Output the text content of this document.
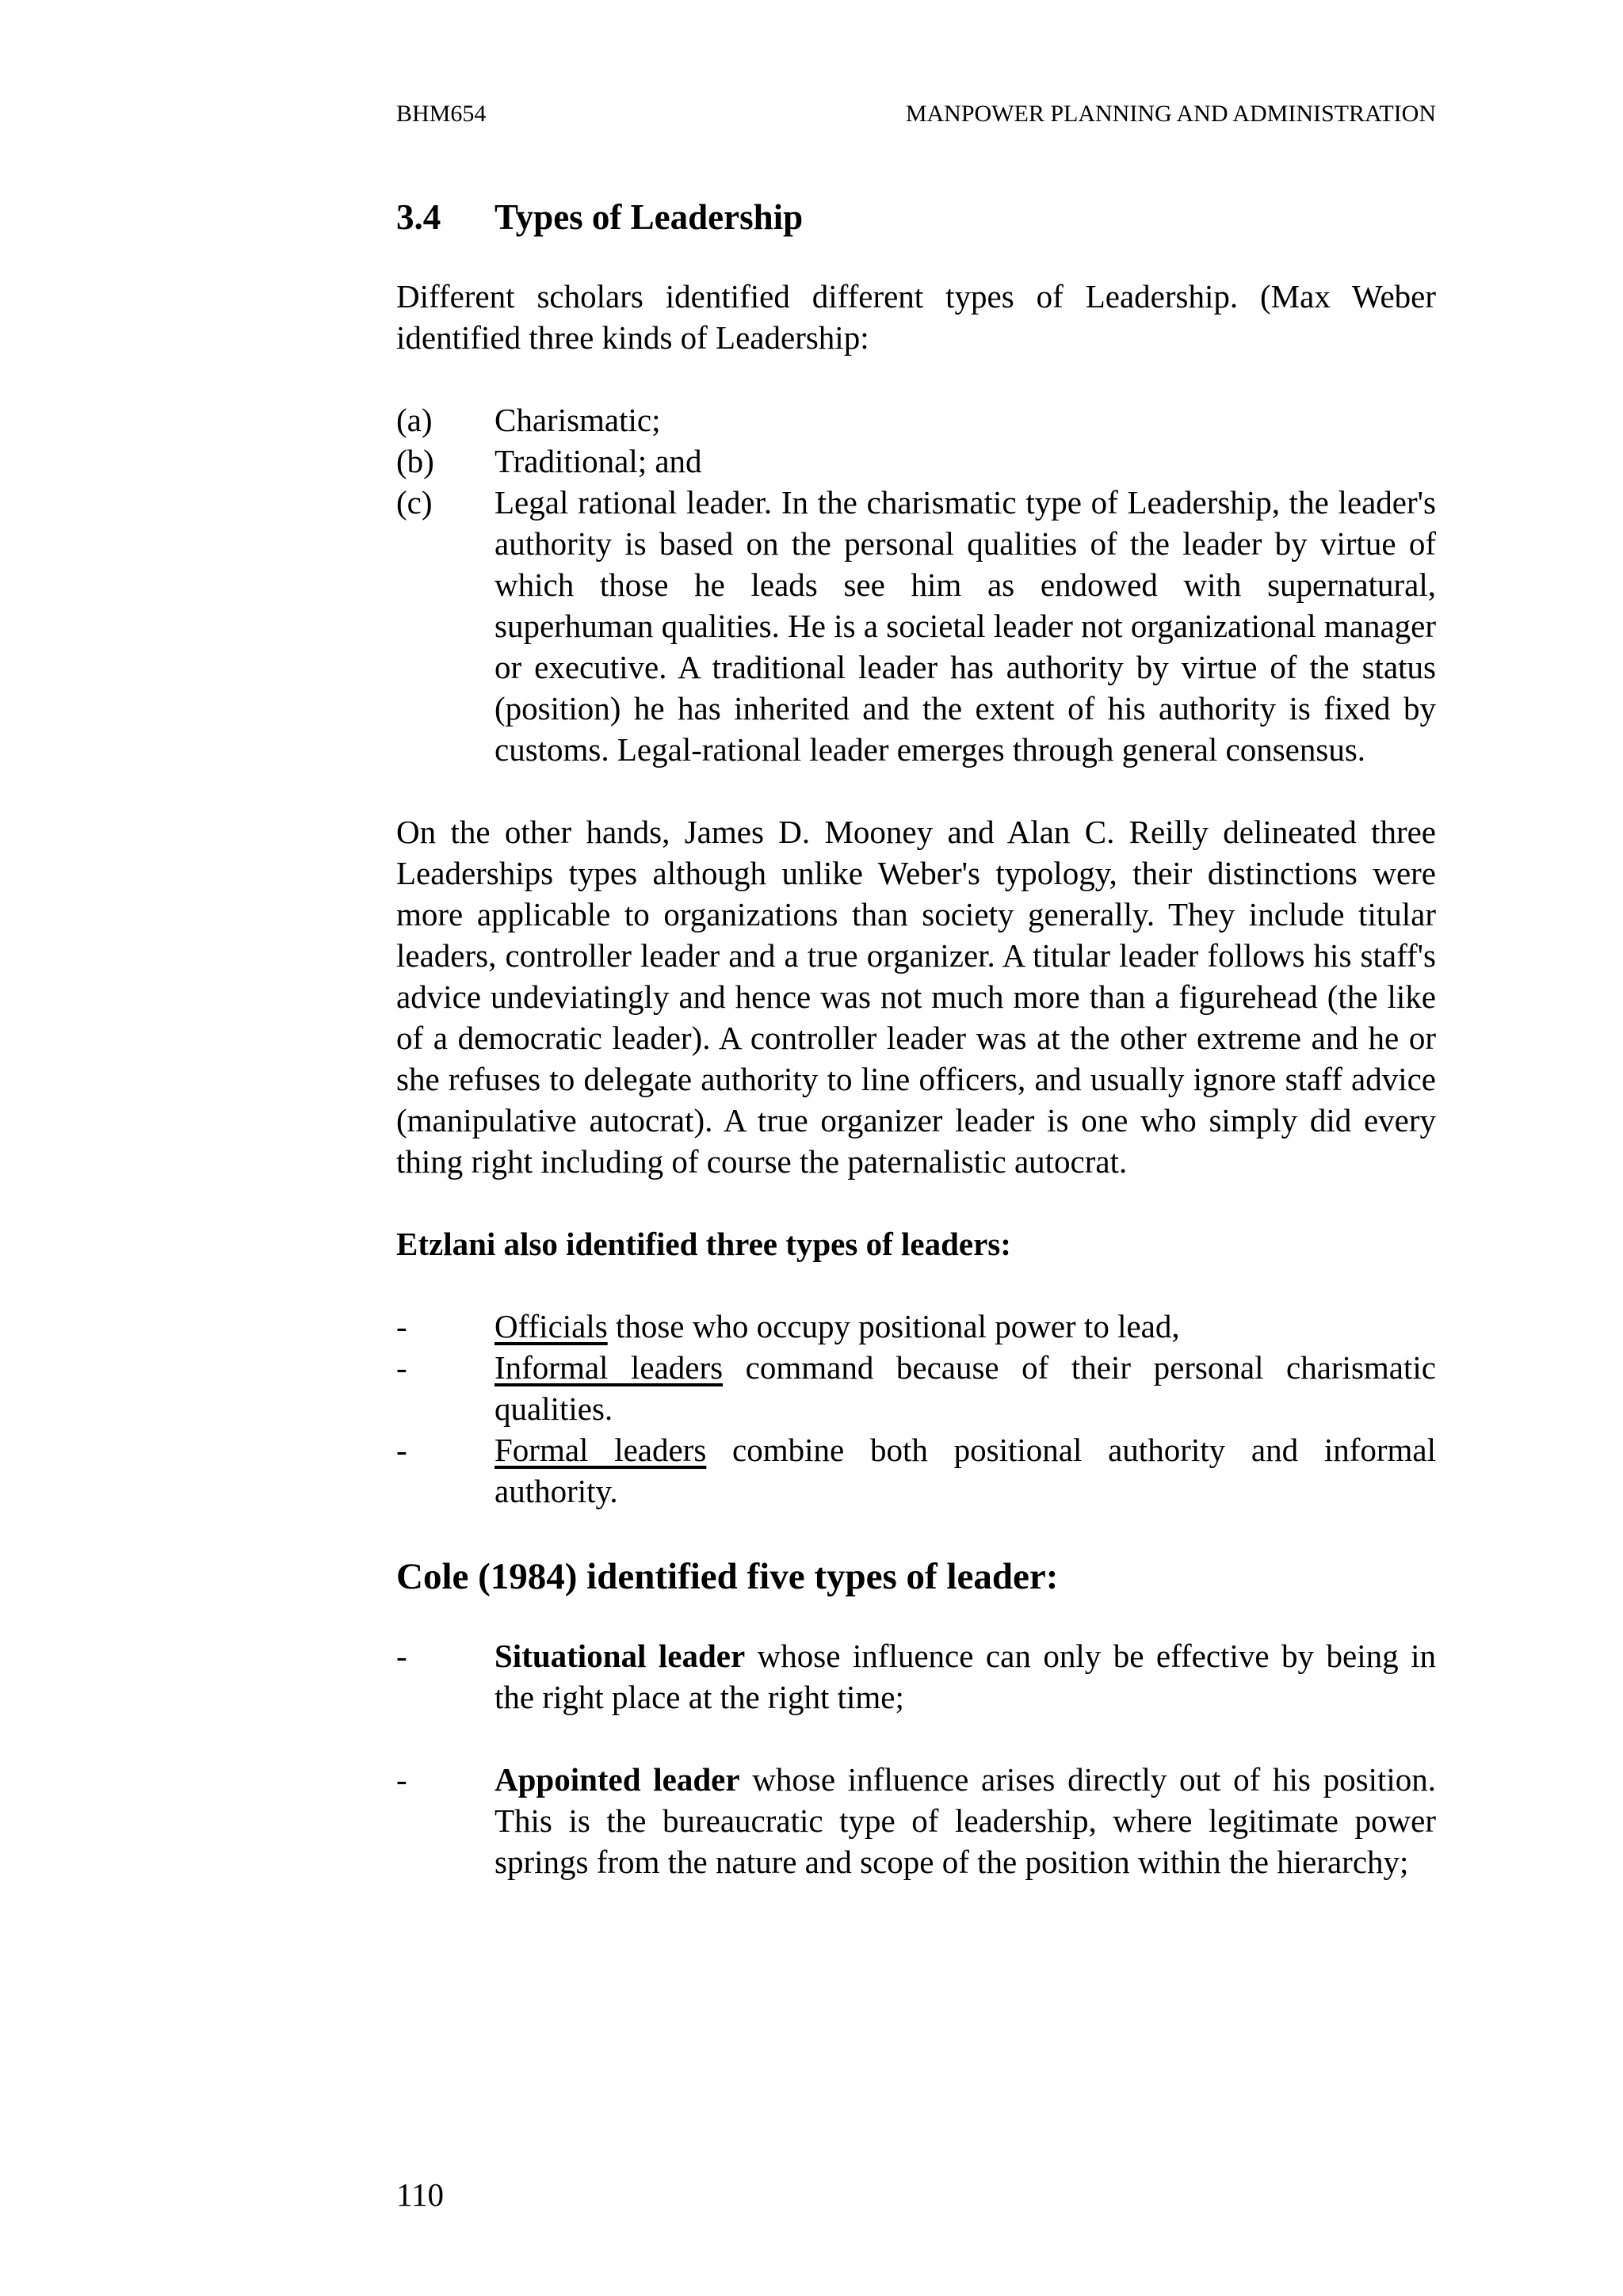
BHM654	MANPOWER PLANNING AND ADMINISTRATION
3.4	Types of Leadership

Different scholars identified different types of Leadership. (Max Weber identified three kinds of Leadership:

(a)	Charismatic;
(b)	Traditional; and
(c)	Legal rational leader. In the charismatic type of Leadership, the leader's authority is based on the personal qualities of the leader by virtue of which those he leads see him as endowed with supernatural, superhuman qualities. He is a societal leader not organizational manager or executive. A traditional leader has authority by virtue of the status (position) he has inherited and the extent of his authority is fixed by customs. Legal-rational leader emerges through general consensus.

On the other hands, James D. Mooney and Alan C. Reilly delineated three Leaderships types although unlike Weber's typology, their distinctions were more applicable to organizations than society generally. They include titular leaders, controller leader and a true organizer. A titular leader follows his staff's advice undeviatingly and hence was not much more than a figurehead (the like of a democratic leader). A controller leader was at the other extreme and he or she refuses to delegate authority to line officers, and usually ignore staff advice (manipulative autocrat). A true organizer leader is one who simply did every thing right including of course the paternalistic autocrat.

Etzlani also identified three types of leaders:
-	Officials those who occupy positional power to lead,
-	Informal leaders command because of their personal charismatic qualities.
-	Formal leaders combine both positional authority and informal authority.
Cole (1984) identified five types of leader:
-	Situational leader whose influence can only be effective by being in the right place at the right time;
-	Appointed leader whose influence arises directly out of his position. This is the bureaucratic type of leadership, where legitimate power springs from the nature and scope of the position within the hierarchy;
110
